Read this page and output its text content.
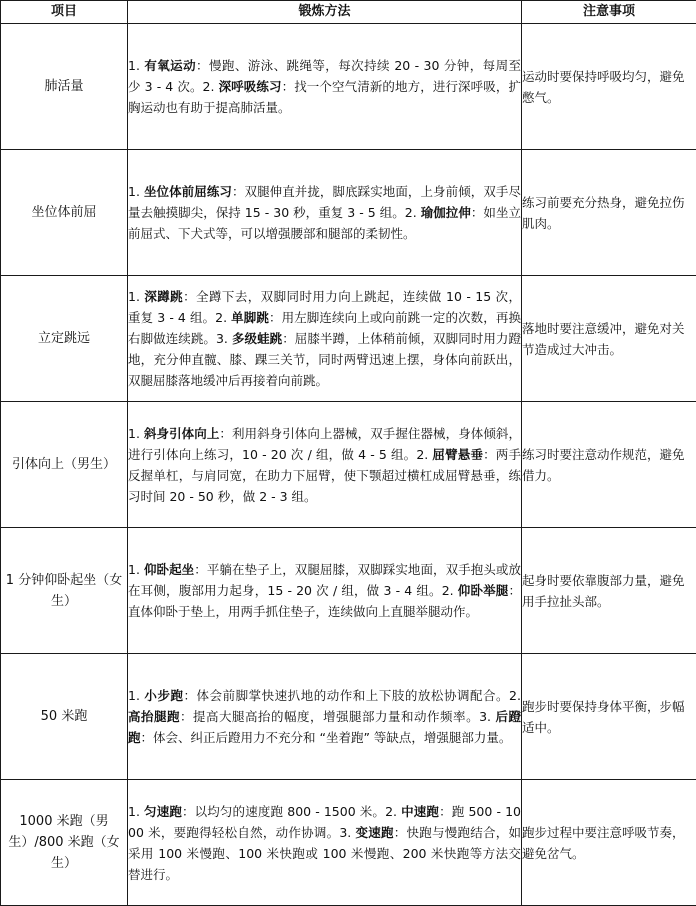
项目	锻炼方法	注意事项
肺活量	1. 有氧运动：慢跑、游泳、跳绳等，每次持续 20 - 30 分钟，每周至少 3 - 4 次。2. 深呼吸练习：找一个空气清新的地方，进行深呼吸，扩胸运动也有助于提高肺活量。	运动时要保持呼吸均匀，避免憋气。
坐位体前屈	1. 坐位体前屈练习：双腿伸直并拢，脚底踩实地面，上身前倾，双手尽量去触摸脚尖，保持 15 - 30 秒，重复 3 - 5 组。2. 瑜伽拉伸：如坐立前屈式、下犬式等，可以增强腰部和腿部的柔韧性。	练习前要充分热身，避免拉伤肌肉。
立定跳远	1. 深蹲跳：全蹲下去，双脚同时用力向上跳起，连续做 10 - 15 次，重复 3 - 4 组。2. 单脚跳：用左脚连续向上或向前跳一定的次数，再换右脚做连续跳。3. 多级蛙跳：屈膝半蹲，上体稍前倾，双脚同时用力蹬地，充分伸直髋、膝、踝三关节，同时两臂迅速上摆，身体向前跃出，双腿屈膝落地缓冲后再接着向前跳。	落地时要注意缓冲，避免对关节造成过大冲击。
引体向上（男生）	1. 斜身引体向上：利用斜身引体向上器械，双手握住器械，身体倾斜，进行引体向上练习，10 - 20 次 / 组，做 4 - 5 组。2. 屈臂悬垂：两手反握单杠，与肩同宽，在助力下屈臂，使下颚超过横杠成屈臂悬垂，练习时间 20 - 50 秒，做 2 - 3 组。	练习时要注意动作规范，避免借力。
1 分钟仰卧起坐（女生）	1. 仰卧起坐：平躺在垫子上，双腿屈膝，双脚踩实地面，双手抱头或放在耳侧，腹部用力起身，15 - 20 次 / 组，做 3 - 4 组。2. 仰卧举腿：直体仰卧于垫上，用两手抓住垫子，连续做向上直腿举腿动作。	起身时要依靠腹部力量，避免用手拉扯头部。
50 米跑	1. 小步跑：体会前脚掌快速扒地的动作和上下肢的放松协调配合。2. 高抬腿跑：提高大腿高抬的幅度，增强腿部力量和动作频率。3. 后蹬跑：体会、纠正后蹬用力不充分和 “坐着跑” 等缺点，增强腿部力量。	跑步时要保持身体平衡，步幅适中。
1000 米跑（男生）/800 米跑（女生）	1. 匀速跑：以均匀的速度跑 800 - 1500 米。2. 中速跑：跑 500 - 1000 米，要跑得轻松自然，动作协调。3. 变速跑：快跑与慢跑结合，如采用 100 米慢跑、100 米快跑或 100 米慢跑、200 米快跑等方法交替进行。	跑步过程中要注意呼吸节奏，避免岔气。
